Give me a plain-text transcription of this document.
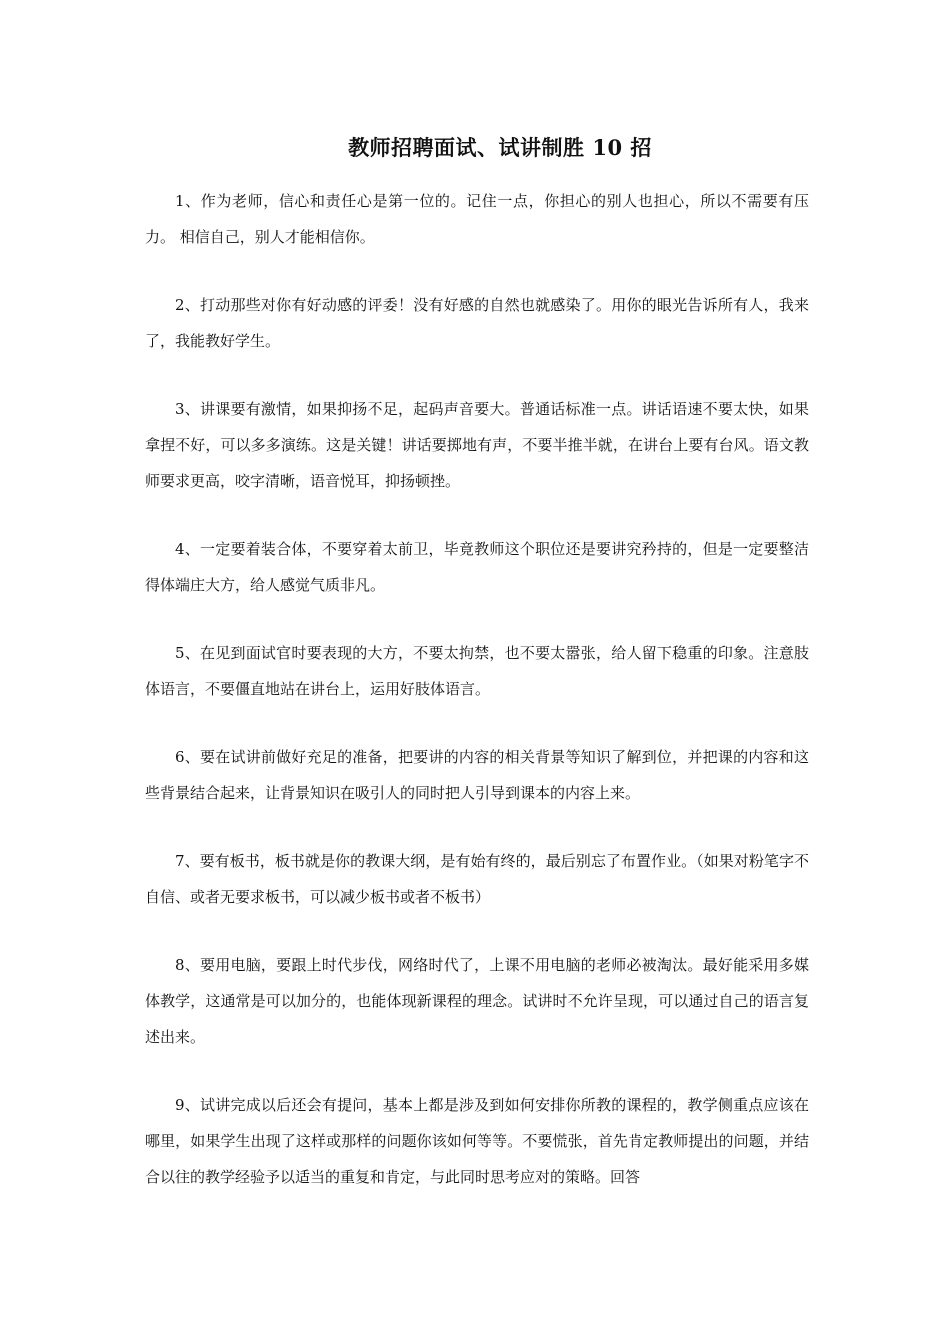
教师招聘面试、试讲制胜 10 招

1、作为老师，信心和责任心是第一位的。记住一点，你担心的别人也担心，所以不需要有压力。 相信自己，别人才能相信你。

2、打动那些对你有好动感的评委！没有好感的自然也就感染了。用你的眼光告诉所有人，我来了，我能教好学生。

3、讲课要有激情，如果抑扬不足，起码声音要大。普通话标准一点。讲话语速不要太快，如果拿捏不好，可以多多演练。这是关键！讲话要掷地有声，不要半推半就，在讲台上要有台风。语文教师要求更高，咬字清晰，语音悦耳，抑扬顿挫。

4、一定要着装合体，不要穿着太前卫，毕竟教师这个职位还是要讲究矜持的，但是一定要整洁得体端庄大方，给人感觉气质非凡。

5、在见到面试官时要表现的大方，不要太拘禁，也不要太嚣张，给人留下稳重的印象。注意肢体语言，不要僵直地站在讲台上，运用好肢体语言。

6、要在试讲前做好充足的准备，把要讲的内容的相关背景等知识了解到位，并把课的内容和这些背景结合起来，让背景知识在吸引人的同时把人引导到课本的内容上来。

7、要有板书，板书就是你的教课大纲，是有始有终的，最后别忘了布置作业。（如果对粉笔字不自信、或者无要求板书，可以减少板书或者不板书）

8、要用电脑，要跟上时代步伐，网络时代了，上课不用电脑的老师必被淘汰。最好能采用多媒体教学，这通常是可以加分的，也能体现新课程的理念。试讲时不允许呈现，可以通过自己的语言复述出来。

9、试讲完成以后还会有提问，基本上都是涉及到如何安排你所教的课程的，教学侧重点应该在哪里，如果学生出现了这样或那样的问题你该如何等等。不要慌张，首先肯定教师提出的问题，并结合以往的教学经验予以适当的重复和肯定，与此同时思考应对的策略。回答
